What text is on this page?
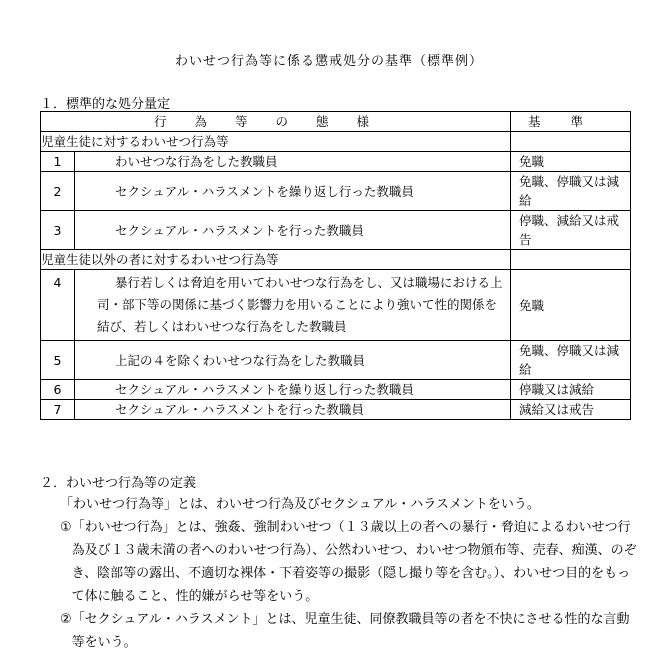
わいせつ行為等に係る懲戒処分の基準（標準例）
１．標準的な処分量定
行為等の態様		基準
児童生徒に対するわいせつ行為等		
1	わいせつな行為をした教職員	免職
2	セクシュアル・ハラスメントを繰り返し行った教職員	免職、停職又は減給
3	セクシュアル・ハラスメントを行った教職員	停職、減給又は戒告
児童生徒以外の者に対するわいせつ行為等		
4	暴行若しくは脅迫を用いてわいせつな行為をし、又は職場における上司・部下等の関係に基づく影響力を用いることにより強いて性的関係を結び、若しくはわいせつな行為をした教職員	免職
5	上記の４を除くわいせつな行為をした教職員	免職、停職又は減給
6	セクシュアル・ハラスメントを繰り返し行った教職員	停職又は減給
7	セクシュアル・ハラスメントを行った教職員	減給又は戒告
２．わいせつ行為等の定義
「わいせつ行為等」とは、わいせつ行為及びセクシュアル・ハラスメントをいう。
① 「わいせつ行為」とは、強姦、強制わいせつ（１３歳以上の者への暴行・脅迫によるわいせつ行為及び１３歳未満の者へのわいせつ行為）、公然わいせつ、わいせつ物頒布等、売春、痴漢、のぞき、陰部等の露出、不適切な裸体・下着姿等の撮影（隠し撮り等を含む。）、わいせつ目的をもって体に触ること、性的嫌がらせ等をいう。
② 「セクシュアル・ハラスメント」とは、児童生徒、同僚教職員等の者を不快にさせる性的な言動等をいう。
